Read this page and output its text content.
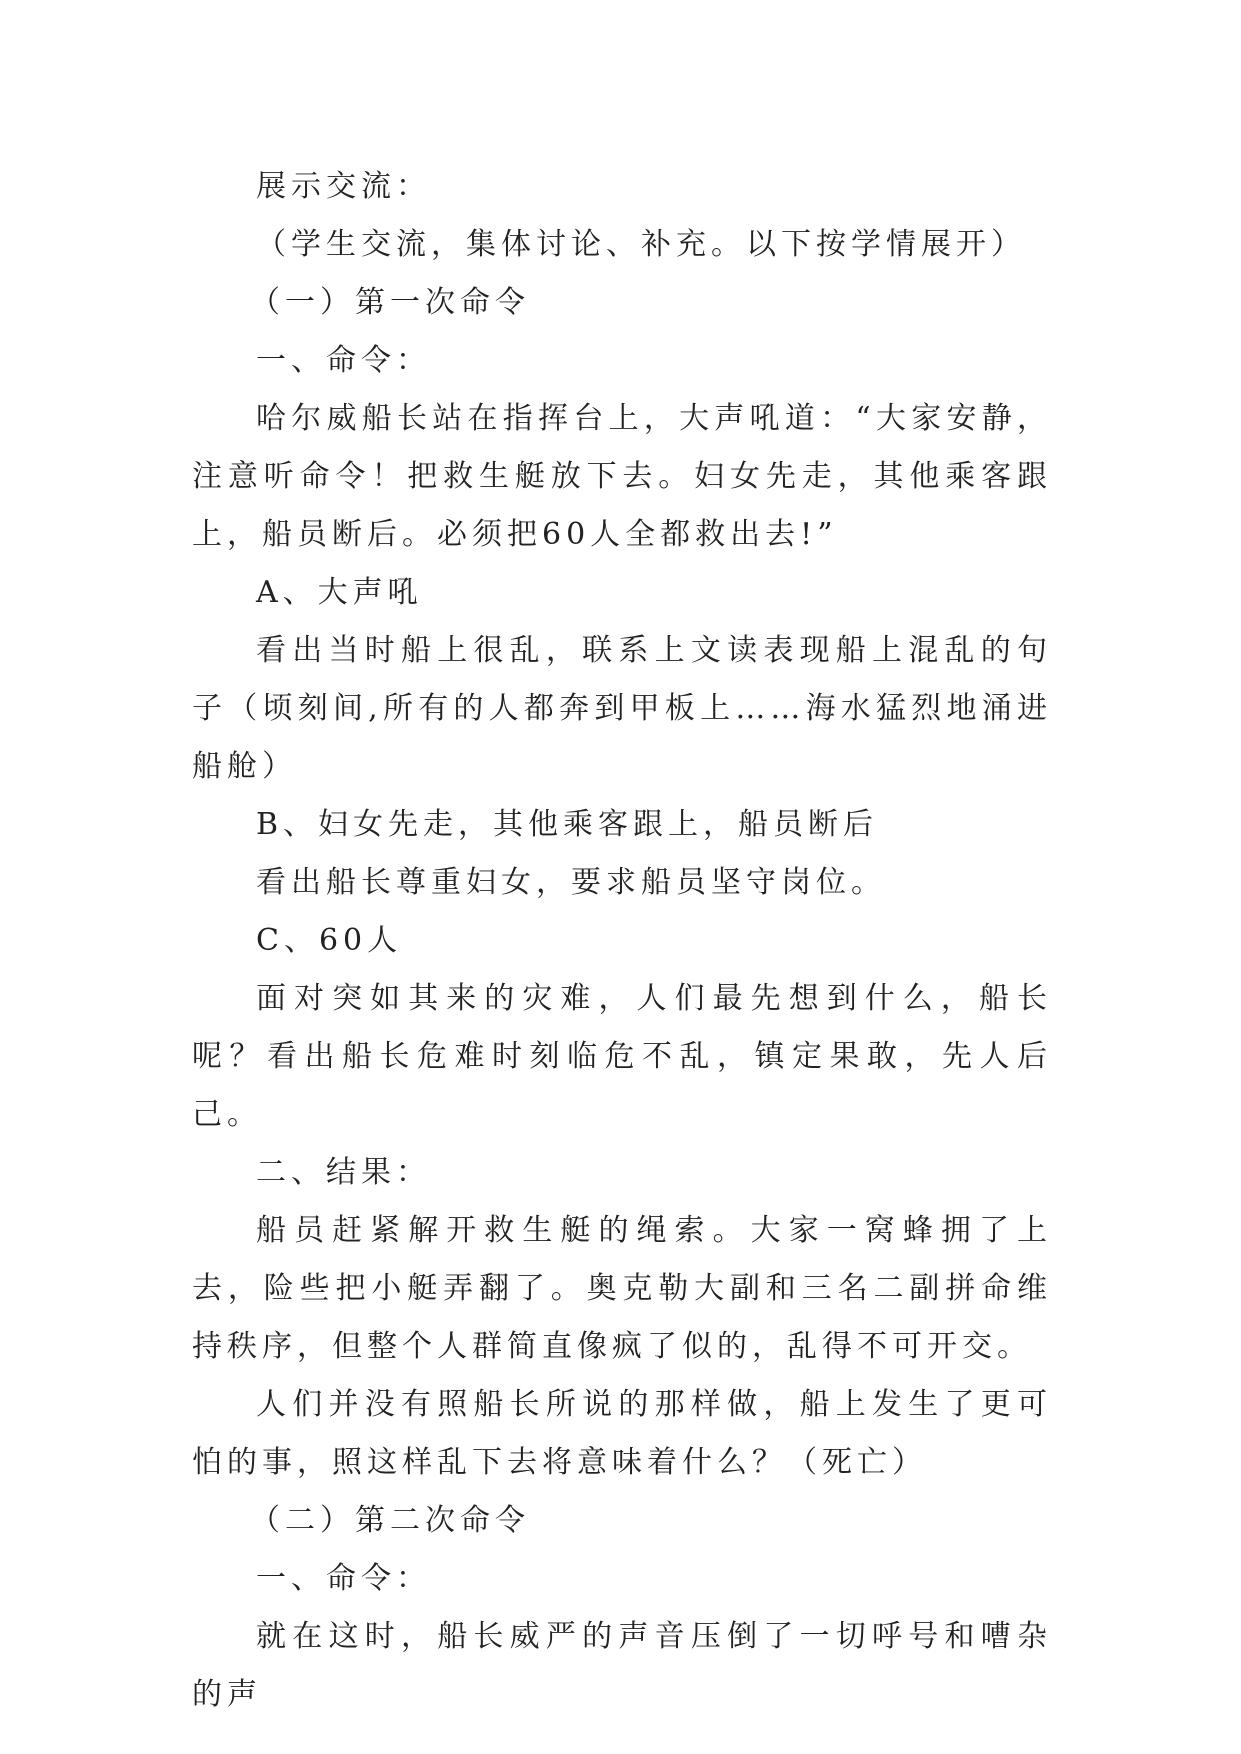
展示交流：

（学生交流，集体讨论、补充。以下按学情展开）

（一）第一次命令

一、命令：

哈尔威船长站在指挥台上，大声吼道：“大家安静，注意听命令！把救生艇放下去。妇女先走，其他乘客跟上，船员断后。必须把60人全都救出去!”

A、大声吼

看出当时船上很乱，联系上文读表现船上混乱的句子（顷刻间,所有的人都奔到甲板上……海水猛烈地涌进船舱）

B、妇女先走，其他乘客跟上，船员断后

看出船长尊重妇女，要求船员坚守岗位。

C、60人

面对突如其来的灾难，人们最先想到什么，船长呢？看出船长危难时刻临危不乱，镇定果敢，先人后己。

二、结果：

船员赶紧解开救生艇的绳索。大家一窝蜂拥了上去，险些把小艇弄翻了。奥克勒大副和三名二副拼命维持秩序，但整个人群简直像疯了似的，乱得不可开交。

人们并没有照船长所说的那样做，船上发生了更可怕的事，照这样乱下去将意味着什么？（死亡）

（二）第二次命令

一、命令：

就在这时，船长威严的声音压倒了一切呼号和嘈杂的声
